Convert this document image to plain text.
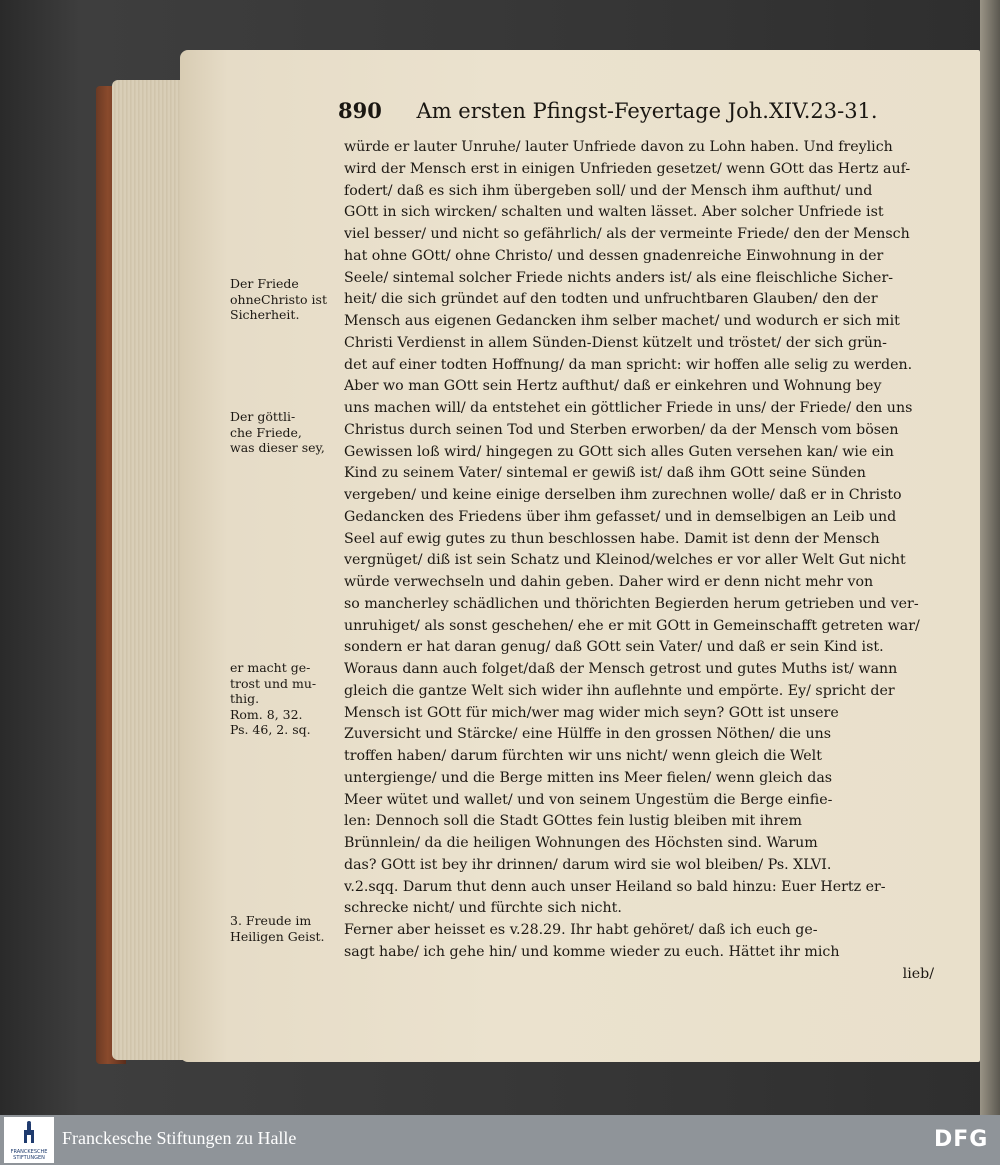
890 Am ersten Pfingst-Feyertage Joh.XIV.23-31.
würde er lauter Unruhe/ lauter Unfriede davon zu Lohn haben. Und freylich
wird der Mensch erst in einigen Unfrieden gesetzet/ wenn GOtt das Hertz auf-
fodert/ daß es sich ihm übergeben soll/ und der Mensch ihm aufthut/ und
GOtt in sich wircken/ schalten und walten lässet. Aber solcher Unfriede ist
viel besser/ und nicht so gefährlich/ als der vermeinte Friede/ den der Mensch
hat ohne GOtt/ ohne Christo/ und dessen gnadenreiche Einwohnung in der
Seele/ sintemal solcher Friede nichts anders ist/ als eine fleischliche Sicher-
heit/ die sich gründet auf den todten und unfruchtbaren Glauben/ den der
Mensch aus eigenen Gedancken ihm selber machet/ und wodurch er sich mit
Christi Verdienst in allem Sünden-Dienst kützelt und tröstet/ der sich grün-
det auf einer todten Hoffnung/ da man spricht: wir hoffen alle selig zu werden.
Aber wo man GOtt sein Hertz aufthut/ daß er einkehren und Wohnung bey
uns machen will/ da entstehet ein göttlicher Friede in uns/ der Friede/ den uns
Christus durch seinen Tod und Sterben erworben/ da der Mensch vom bösen
Gewissen loß wird/ hingegen zu GOtt sich alles Guten versehen kan/ wie ein
Kind zu seinem Vater/ sintemal er gewiß ist/ daß ihm GOtt seine Sünden
vergeben/ und keine einige derselben ihm zurechnen wolle/ daß er in Christo
Gedancken des Friedens über ihm gefasset/ und in demselbigen an Leib und
Seel auf ewig gutes zu thun beschlossen habe. Damit ist denn der Mensch
vergnüget/ diß ist sein Schatz und Kleinod/welches er vor aller Welt Gut nicht
würde verwechseln und dahin geben. Daher wird er denn nicht mehr von
so mancherley schädlichen und thörichten Begierden herum getrieben und ver-
unruhiget/ als sonst geschehen/ ehe er mit GOtt in Gemeinschafft getreten war/
sondern er hat daran genug/ daß GOtt sein Vater/ und daß er sein Kind ist.
Woraus dann auch folget/daß der Mensch getrost und gutes Muths ist/ wann
gleich die gantze Welt sich wider ihn auflehnte und empörte. Ey/ spricht der
Mensch ist GOtt für mich/wer mag wider mich seyn? GOtt ist unsere
Zuversicht und Stärcke/ eine Hülffe in den grossen Nöthen/ die uns
troffen haben/ darum fürchten wir uns nicht/ wenn gleich die Welt
untergienge/ und die Berge mitten ins Meer fielen/ wenn gleich das
Meer wütet und wallet/ und von seinem Ungestüm die Berge einfie-
len: Dennoch soll die Stadt GOttes fein lustig bleiben mit ihrem
Brünnlein/ da die heiligen Wohnungen des Höchsten sind. Warum
das? GOtt ist bey ihr drinnen/ darum wird sie wol bleiben/ Ps. XLVI.
v.2.sqq. Darum thut denn auch unser Heiland so bald hinzu: Euer Hertz er-
schrecke nicht/ und fürchte sich nicht.
Ferner aber heisset es v.28.29. Ihr habt gehöret/ daß ich euch ge-
sagt habe/ ich gehe hin/ und komme wieder zu euch. Hättet ihr mich
lieb/
Der Friede
ohneChristo ist
Sicherheit.
Der göttli-
che Friede,
was dieser sey,
er macht ge-
trost und mu-
thig.
Rom. 8, 32.
Ps. 46, 2. sq.
3. Freude im
Heiligen Geist.
FRANCKESCHE
STIFTUNGEN
Franckesche Stiftungen zu Halle	DFG
